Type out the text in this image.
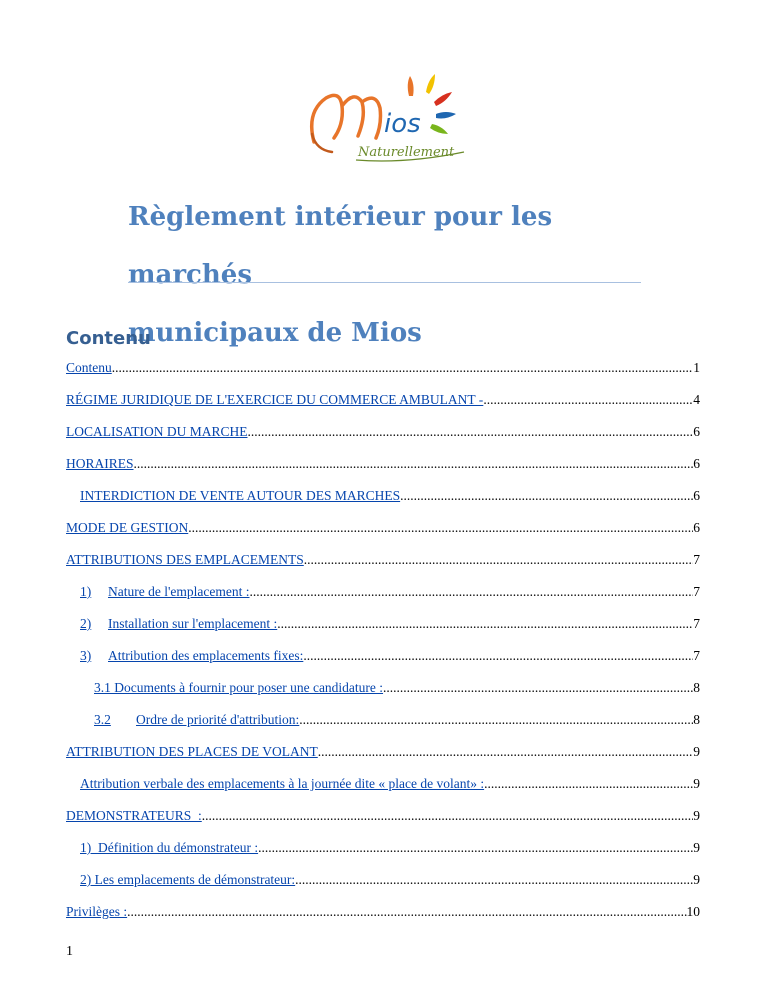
ios
Naturellement
Règlement intérieur pour les marchés
municipaux de Mios
Contenu
Contenu .....	1
RÉGIME JURIDIQUE DE L'EXERCICE DU COMMERCE AMBULANT - .....	4
LOCALISATION DU MARCHE .....	6
HORAIRES .....	6
INTERDICTION DE VENTE AUTOUR DES MARCHES .....	6
MODE DE GESTION .....	6
ATTRIBUTIONS DES EMPLACEMENTS .....	7
1)	Nature de l'emplacement : .....	7
2)	Installation sur l'emplacement : .....	7
3)	Attribution des emplacements fixes: .....	7
3.1 Documents à fournir pour poser une candidature : .....	8
3.2	Ordre de priorité d'attribution: .....	8
ATTRIBUTION DES PLACES DE VOLANT .....	9
Attribution verbale des emplacements à la journée dite « place de volant» : .....	9
DEMONSTRATEURS  : .....	9
1)  Définition du démonstrateur : .....	9
2) Les emplacements de démonstrateur: .....	9
Privilèges : .....	10

1
